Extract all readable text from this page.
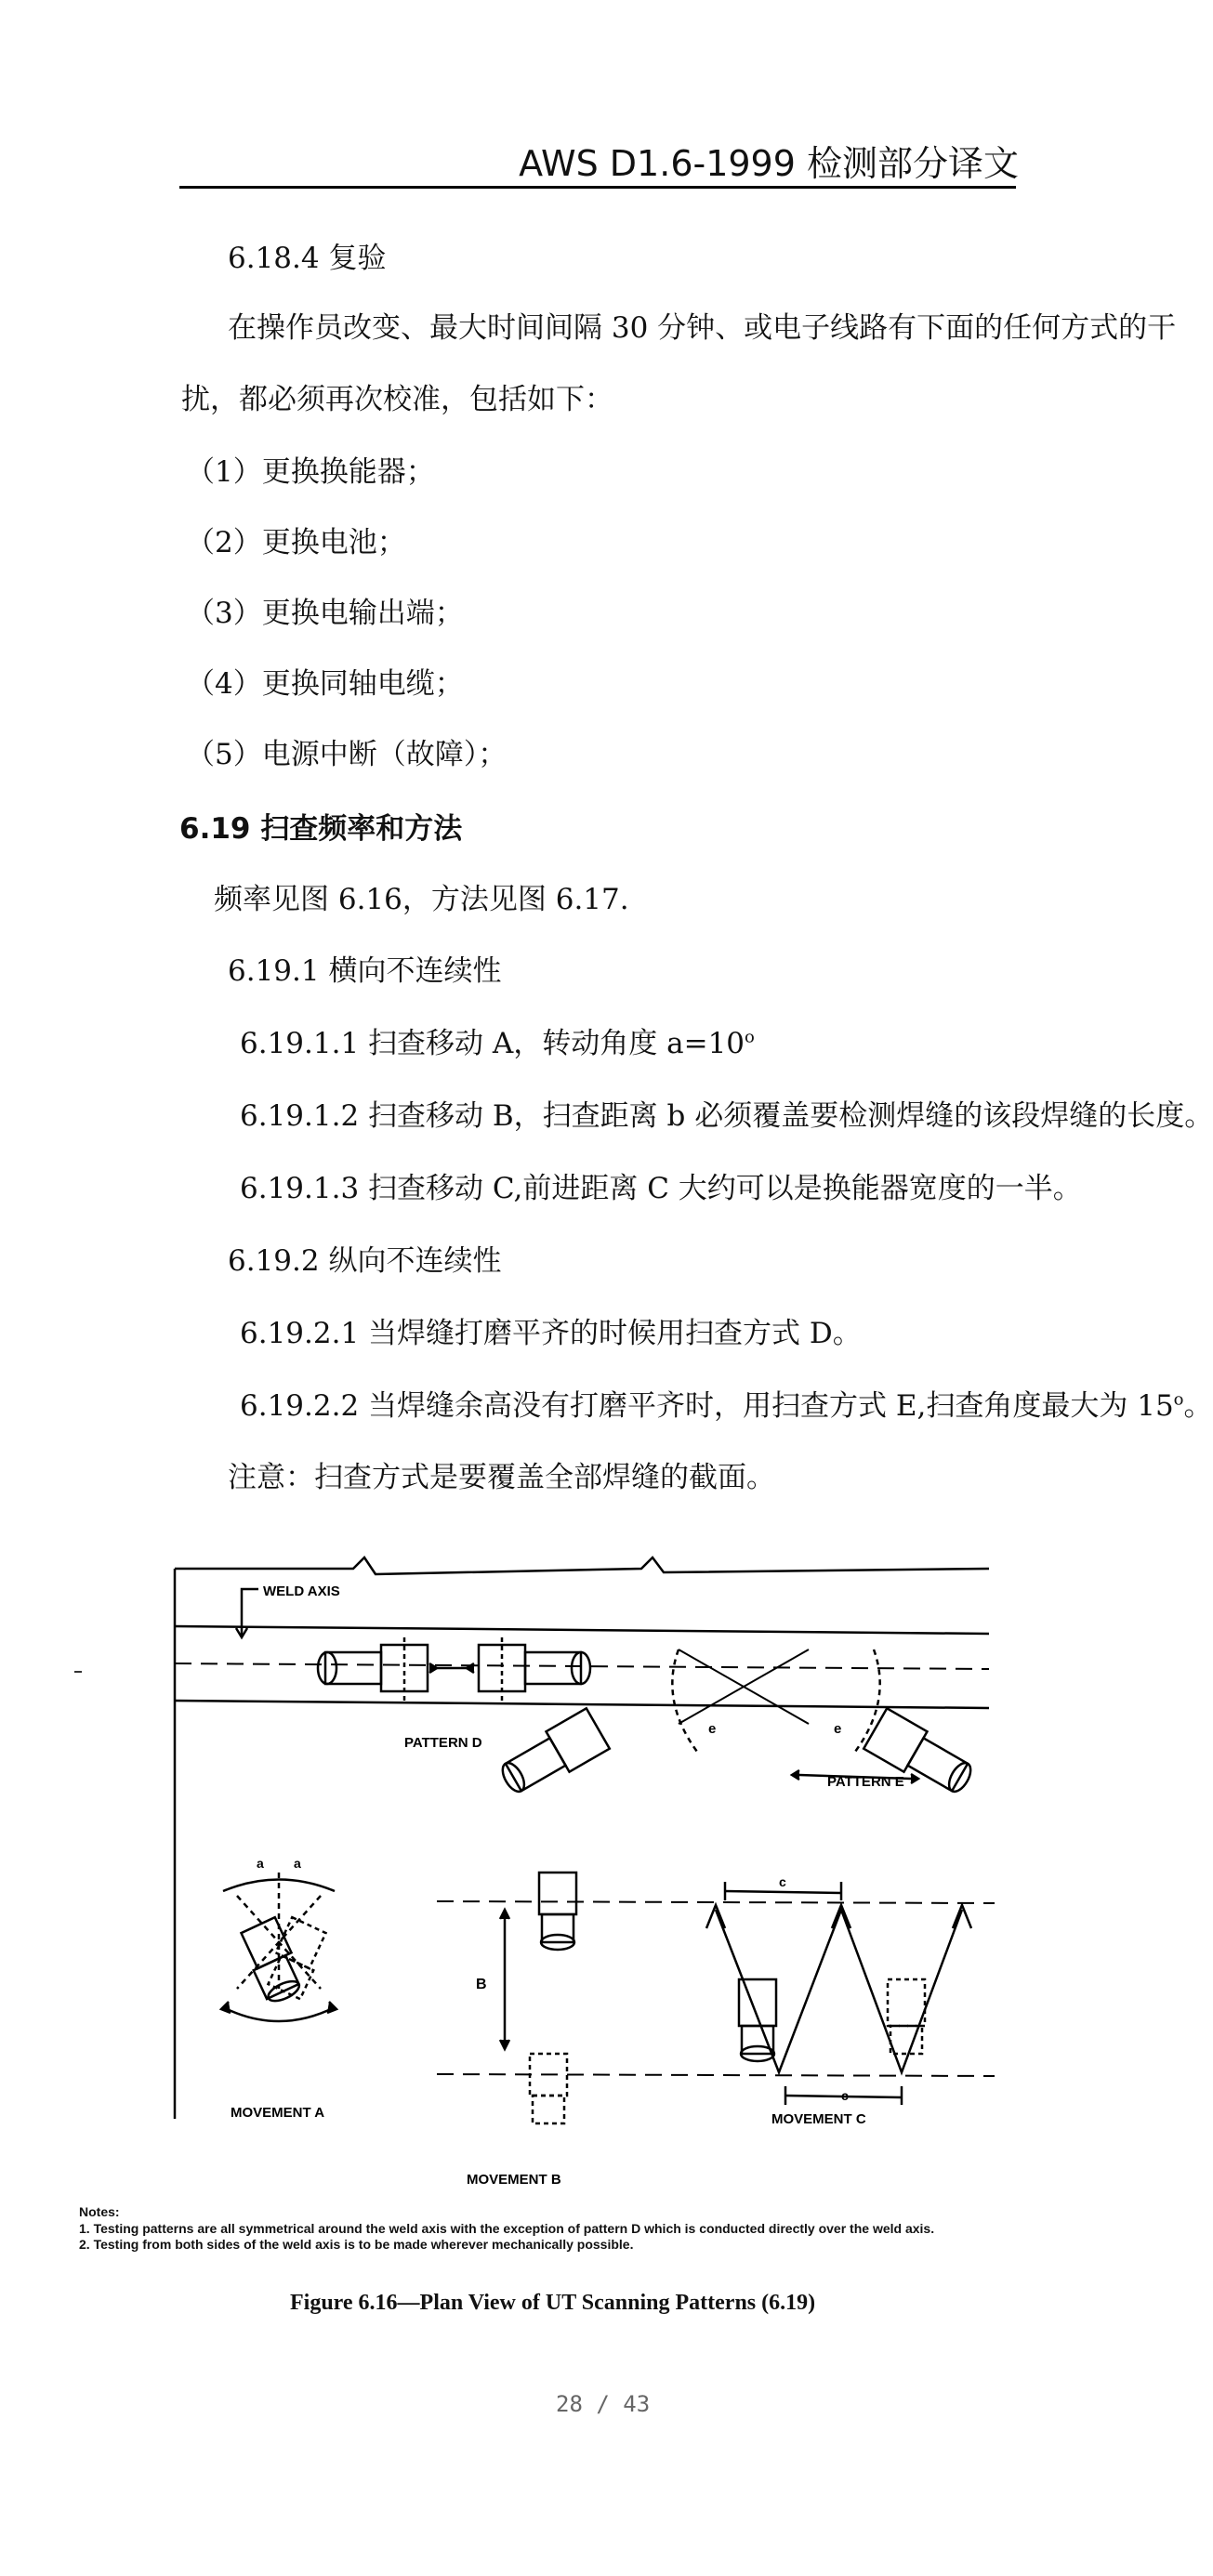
AWS D1.6-1999 检测部分译文
6.18.4 复验
在操作员改变、最大时间间隔 30 分钟、或电子线路有下面的任何方式的干
扰，都必须再次校准，包括如下：
（1）更换换能器；
（2）更换电池；
（3）更换电输出端；
（4）更换同轴电缆；
（5）电源中断（故障）；
6.19 扫查频率和方法
频率见图 6.16，方法见图 6.17.
6.19.1 横向不连续性
6.19.1.1 扫查移动 A，转动角度 $a=10^o$
6.19.1.2 扫查移动 B，扫查距离 b 必须覆盖要检测焊缝的该段焊缝的长度。
6.19.1.3 扫查移动 C,前进距离 C 大约可以是换能器宽度的一半。
6.19.2 纵向不连续性
6.19.2.1 当焊缝打磨平齐的时候用扫查方式 D。
6.19.2.2 当焊缝余高没有打磨平齐时，用扫查方式 E,扫查角度最大为 15$^o$。
注意：扫查方式是要覆盖全部焊缝的截面。
WELD AXIS
PATTERN D
PATTERN E
e	e
a a
B
c
c
MOVEMENT A
MOVEMENT B
MOVEMENT C
Notes:
1. Testing patterns are all symmetrical around the weld axis with the exception of pattern D which is conducted directly over the weld axis.
2. Testing from both sides of the weld axis is to be made wherever mechanically possible.
Figure 6.16—Plan View of UT Scanning Patterns (6.19)
28 / 43
